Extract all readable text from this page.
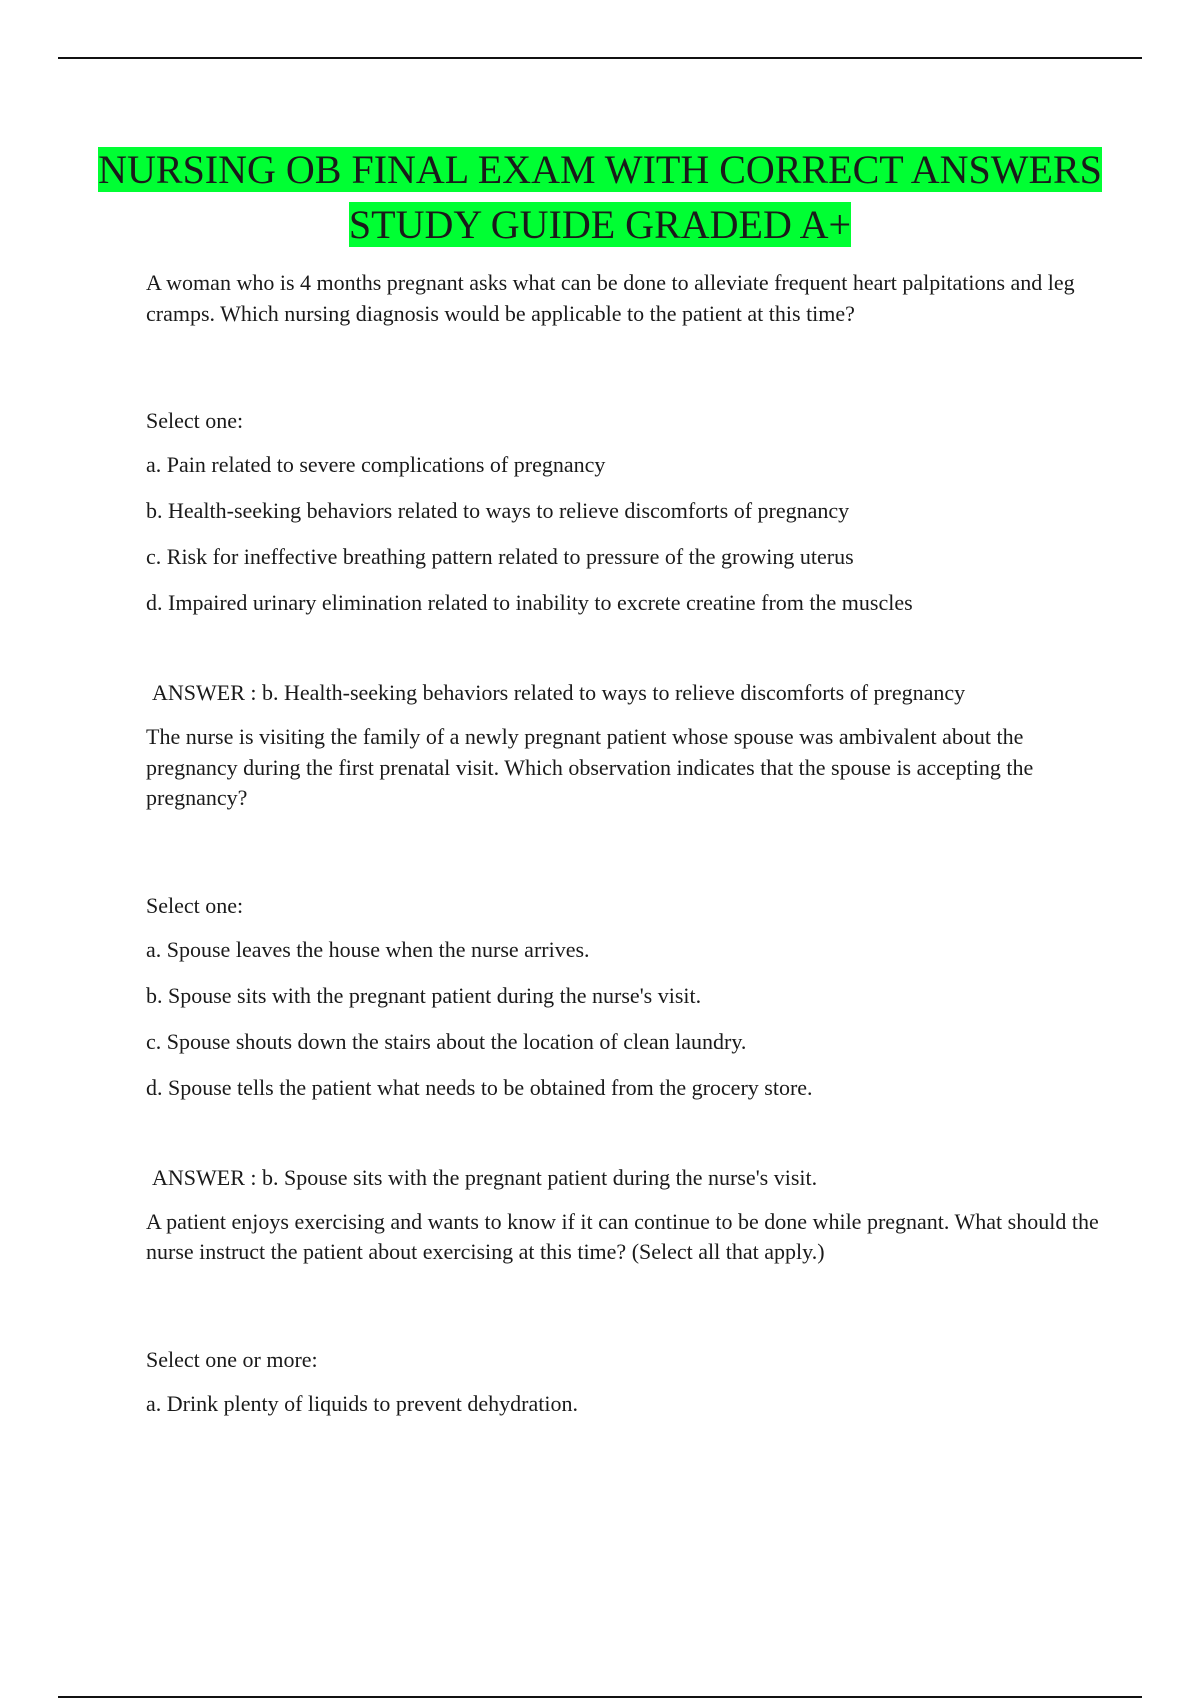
NURSING OB FINAL EXAM WITH CORRECT ANSWERS STUDY GUIDE GRADED A+

A woman who is 4 months pregnant asks what can be done to alleviate frequent heart palpitations and leg cramps. Which nursing diagnosis would be applicable to the patient at this time?

Select one:

a. Pain related to severe complications of pregnancy

b. Health-seeking behaviors related to ways to relieve discomforts of pregnancy

c. Risk for ineffective breathing pattern related to pressure of the growing uterus

d. Impaired urinary elimination related to inability to excrete creatine from the muscles

ANSWER : b. Health-seeking behaviors related to ways to relieve discomforts of pregnancy

The nurse is visiting the family of a newly pregnant patient whose spouse was ambivalent about the pregnancy during the first prenatal visit. Which observation indicates that the spouse is accepting the pregnancy?

Select one:

a. Spouse leaves the house when the nurse arrives.

b. Spouse sits with the pregnant patient during the nurse's visit.

c. Spouse shouts down the stairs about the location of clean laundry.

d. Spouse tells the patient what needs to be obtained from the grocery store.

ANSWER : b. Spouse sits with the pregnant patient during the nurse's visit.

A patient enjoys exercising and wants to know if it can continue to be done while pregnant. What should the nurse instruct the patient about exercising at this time? (Select all that apply.)

Select one or more:

a. Drink plenty of liquids to prevent dehydration.
